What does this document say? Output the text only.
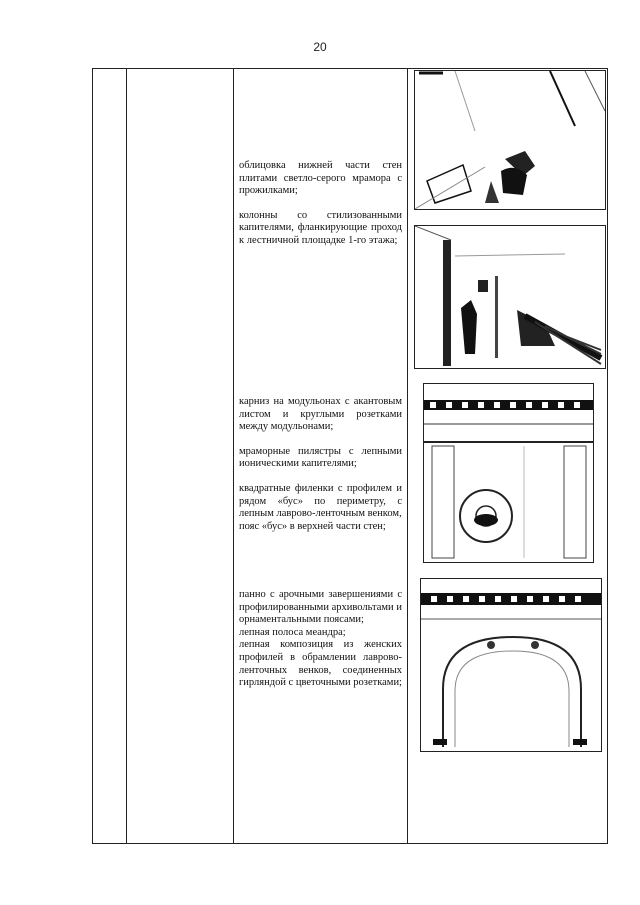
20

облицовка нижней части стен плитами светло-серого мрамора с прожилками;

колонны со стилизованными капителями, фланкирующие проход к лестничной площадке 1-го этажа;

карниз на модульонах с акантовым листом и круглыми розетками между модульонами;

мраморные пилястры с лепными ионическими капителями;

квадратные филенки с профилем и рядом «бус» по периметру, с лепным лаврово-ленточным венком,

пояс «бус» в верхней части стен;

панно с арочными завершениями с профилированными архивольтами и орнаментальными поясами;

лепная полоса меандра;

лепная композиция из женских профилей в обрамлении лаврово-ленточных венков, соединенных гирляндой с цветочными розетками;
